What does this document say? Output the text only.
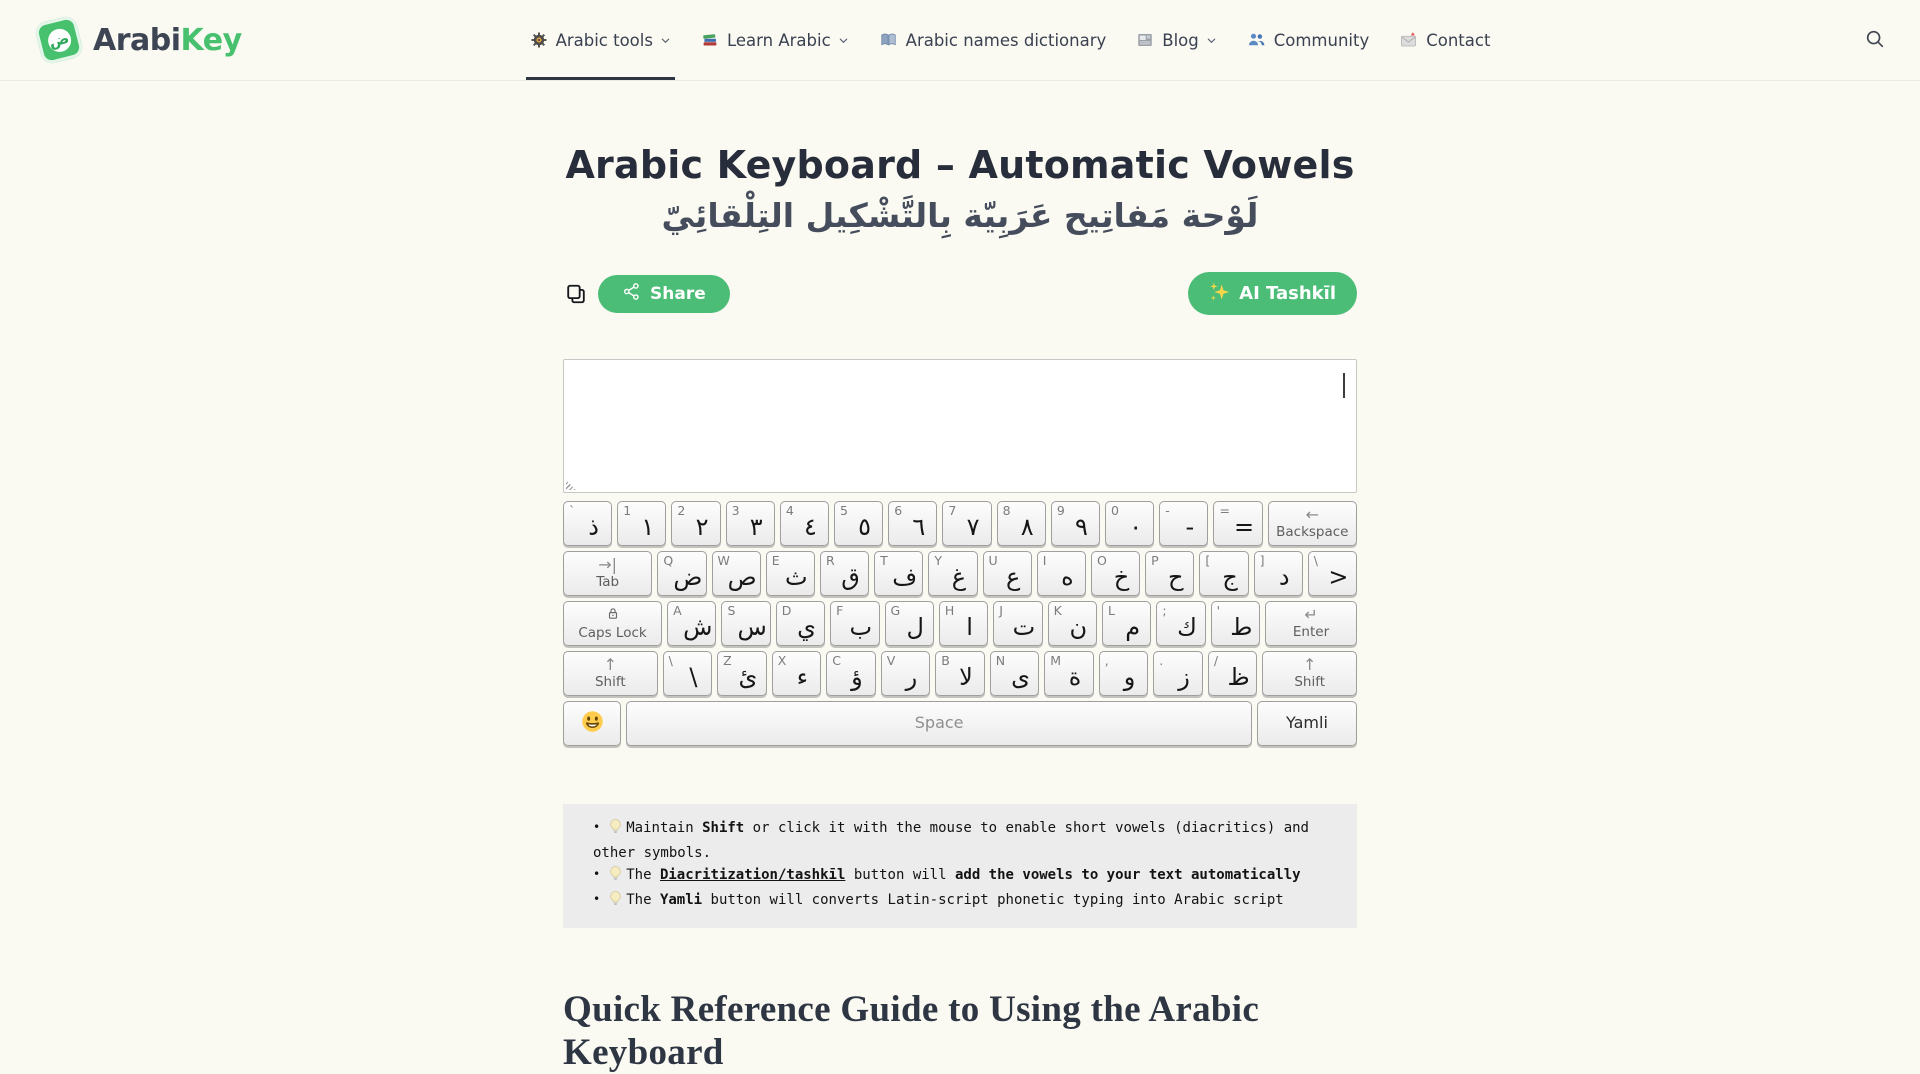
ض ArabiKey	Arabic tools	Learn Arabic	Arabic names dictionary	Blog	Community	Contact
Arabic Keyboard – Automatic Vowels
لَوْحة مَفاتِيح عَرَبِيّة بِالتَّشْكِيل التِلْقائِيّ
Share	AI Tashkīl
`
ذ
1
١
2
٢
3
٣
4
٤
5
٥
6
٦
7
٧
8
٨
9
٩
0
٠
-
-
=
=	←
Backspace
→|
Tab
Q
ض
W
ص
E
ث
R
ق
T
ف
Y
غ
U
ع
I
ه
O
خ
P
ح
[
ج
]
د
\
>
Caps Lock
A
ش
S
س
D
ي
F
ب
G
ل
H
ا
J
ت
K
ن
L
م
;
ك
'
ط	↵
Enter
↑
Shift
\
\
Z
ئ
X
ء
C
ؤ
V
ر
B
لا
N
ى
M
ة
,
و
.
ز
/
ظ	↑
Shift
Space	Yamli
• Maintain Shift or click it with the mouse to enable short vowels (diacritics) and other symbols.
• The Diacritization/tashkīl button will add the vowels to your text automatically
• The Yamli button will converts Latin-script phonetic typing into Arabic script
Quick Reference Guide to Using the Arabic Keyboard
